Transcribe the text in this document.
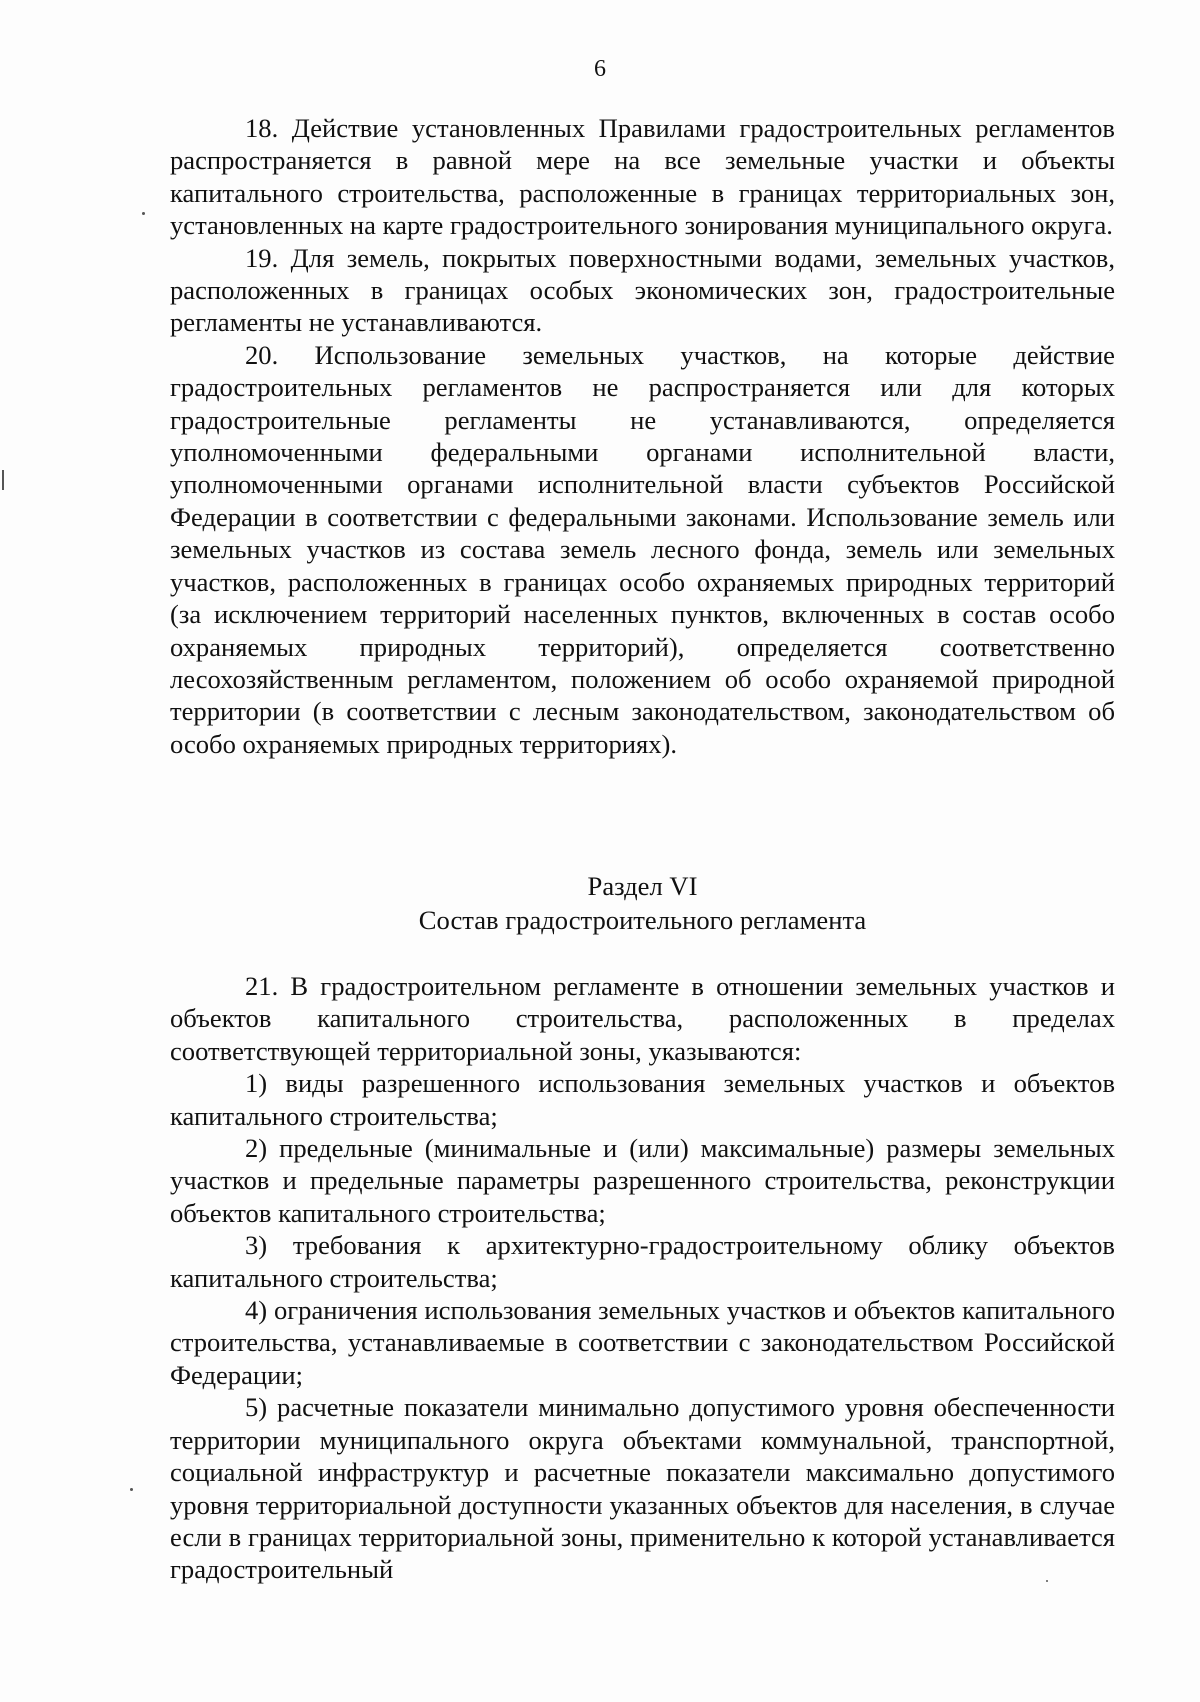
6

18. Действие установленных Правилами градостроительных регламентов распространяется в равной мере на все земельные участки и объекты капитального строительства, расположенные в границах территориальных зон, установленных на карте градостроительного зонирования муниципального округа.

19. Для земель, покрытых поверхностными водами, земельных участков, расположенных в границах особых экономических зон, градостроительные регламенты не устанавливаются.

20. Использование земельных участков, на которые действие градостроительных регламентов не распространяется или для которых градостроительные регламенты не устанавливаются, определяется уполномоченными федеральными органами исполнительной власти, уполномоченными органами исполнительной власти субъектов Российской Федерации в соответствии с федеральными законами. Использование земель или земельных участков из состава земель лесного фонда, земель или земельных участков, расположенных в границах особо охраняемых природных территорий (за исключением территорий населенных пунктов, включенных в состав особо охраняемых природных территорий), определяется соответственно лесохозяйственным регламентом, положением об особо охраняемой природной территории (в соответствии с лесным законодательством, законодательством об особо охраняемых природных территориях).

Раздел VI
Состав градостроительного регламента

21. В градостроительном регламенте в отношении земельных участков и объектов капитального строительства, расположенных в пределах соответствующей территориальной зоны, указываются:

1) виды разрешенного использования земельных участков и объектов капитального строительства;

2) предельные (минимальные и (или) максимальные) размеры земельных участков и предельные параметры разрешенного строительства, реконструкции объектов капитального строительства;

3) требования к архитектурно-градостроительному облику объектов капитального строительства;

4) ограничения использования земельных участков и объектов капитального строительства, устанавливаемые в соответствии с законодательством Российской Федерации;

5) расчетные показатели минимально допустимого уровня обеспеченности территории муниципального округа объектами коммунальной, транспортной, социальной инфраструктур и расчетные показатели максимально допустимого уровня территориальной доступности указанных объектов для населения, в случае если в границах территориальной зоны, применительно к которой устанавливается градостроительный
